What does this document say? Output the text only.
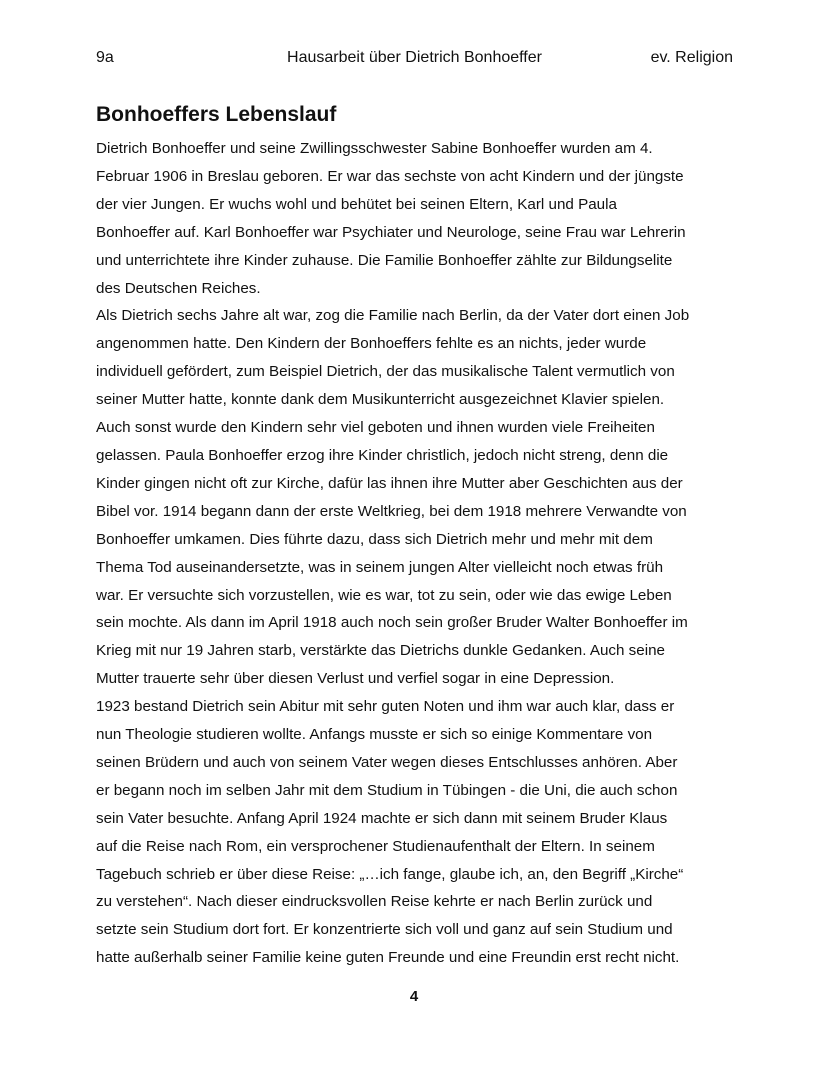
9a	Hausarbeit über Dietrich Bonhoeffer	ev. Religion
Bonhoeffers Lebenslauf
Dietrich Bonhoeffer und seine Zwillingsschwester Sabine Bonhoeffer wurden am 4.
Februar 1906 in Breslau geboren. Er war das sechste von acht Kindern und der jüngste
der vier Jungen. Er wuchs wohl und behütet bei seinen Eltern, Karl und Paula
Bonhoeffer auf. Karl Bonhoeffer war Psychiater und Neurologe, seine Frau war Lehrerin
und unterrichtete ihre Kinder zuhause. Die Familie Bonhoeffer zählte zur Bildungselite
des Deutschen Reiches.
Als Dietrich sechs Jahre alt war, zog die Familie nach Berlin, da der Vater dort einen Job
angenommen hatte. Den Kindern der Bonhoeffers fehlte es an nichts, jeder wurde
individuell gefördert, zum Beispiel Dietrich, der das musikalische Talent vermutlich von
seiner Mutter hatte, konnte dank dem Musikunterricht ausgezeichnet Klavier spielen.
Auch sonst wurde den Kindern sehr viel geboten und ihnen wurden viele Freiheiten
gelassen. Paula Bonhoeffer erzog ihre Kinder christlich, jedoch nicht streng, denn die
Kinder gingen nicht oft zur Kirche, dafür las ihnen ihre Mutter aber Geschichten aus der
Bibel vor. 1914 begann dann der erste Weltkrieg, bei dem 1918 mehrere Verwandte von
Bonhoeffer umkamen. Dies führte dazu, dass sich Dietrich mehr und mehr mit dem
Thema Tod auseinandersetzte, was in seinem jungen Alter vielleicht noch etwas früh
war. Er versuchte sich vorzustellen, wie es war, tot zu sein, oder wie das ewige Leben
sein mochte. Als dann im April 1918 auch noch sein großer Bruder Walter Bonhoeffer im
Krieg mit nur 19 Jahren starb, verstärkte das Dietrichs dunkle Gedanken. Auch seine
Mutter trauerte sehr über diesen Verlust und verfiel sogar in eine Depression.
1923 bestand Dietrich sein Abitur mit sehr guten Noten und ihm war auch klar, dass er
nun Theologie studieren wollte. Anfangs musste er sich so einige Kommentare von
seinen Brüdern und auch von seinem Vater wegen dieses Entschlusses anhören. Aber
er begann noch im selben Jahr mit dem Studium in Tübingen - die Uni, die auch schon
sein Vater besuchte. Anfang April 1924 machte er sich dann mit seinem Bruder Klaus
auf die Reise nach Rom, ein versprochener Studienaufenthalt der Eltern. In seinem
Tagebuch schrieb er über diese Reise: „…ich fange, glaube ich, an, den Begriff „Kirche“
zu verstehen“. Nach dieser eindrucksvollen Reise kehrte er nach Berlin zurück und
setzte sein Studium dort fort. Er konzentrierte sich voll und ganz auf sein Studium und
hatte außerhalb seiner Familie keine guten Freunde und eine Freundin erst recht nicht.
4
